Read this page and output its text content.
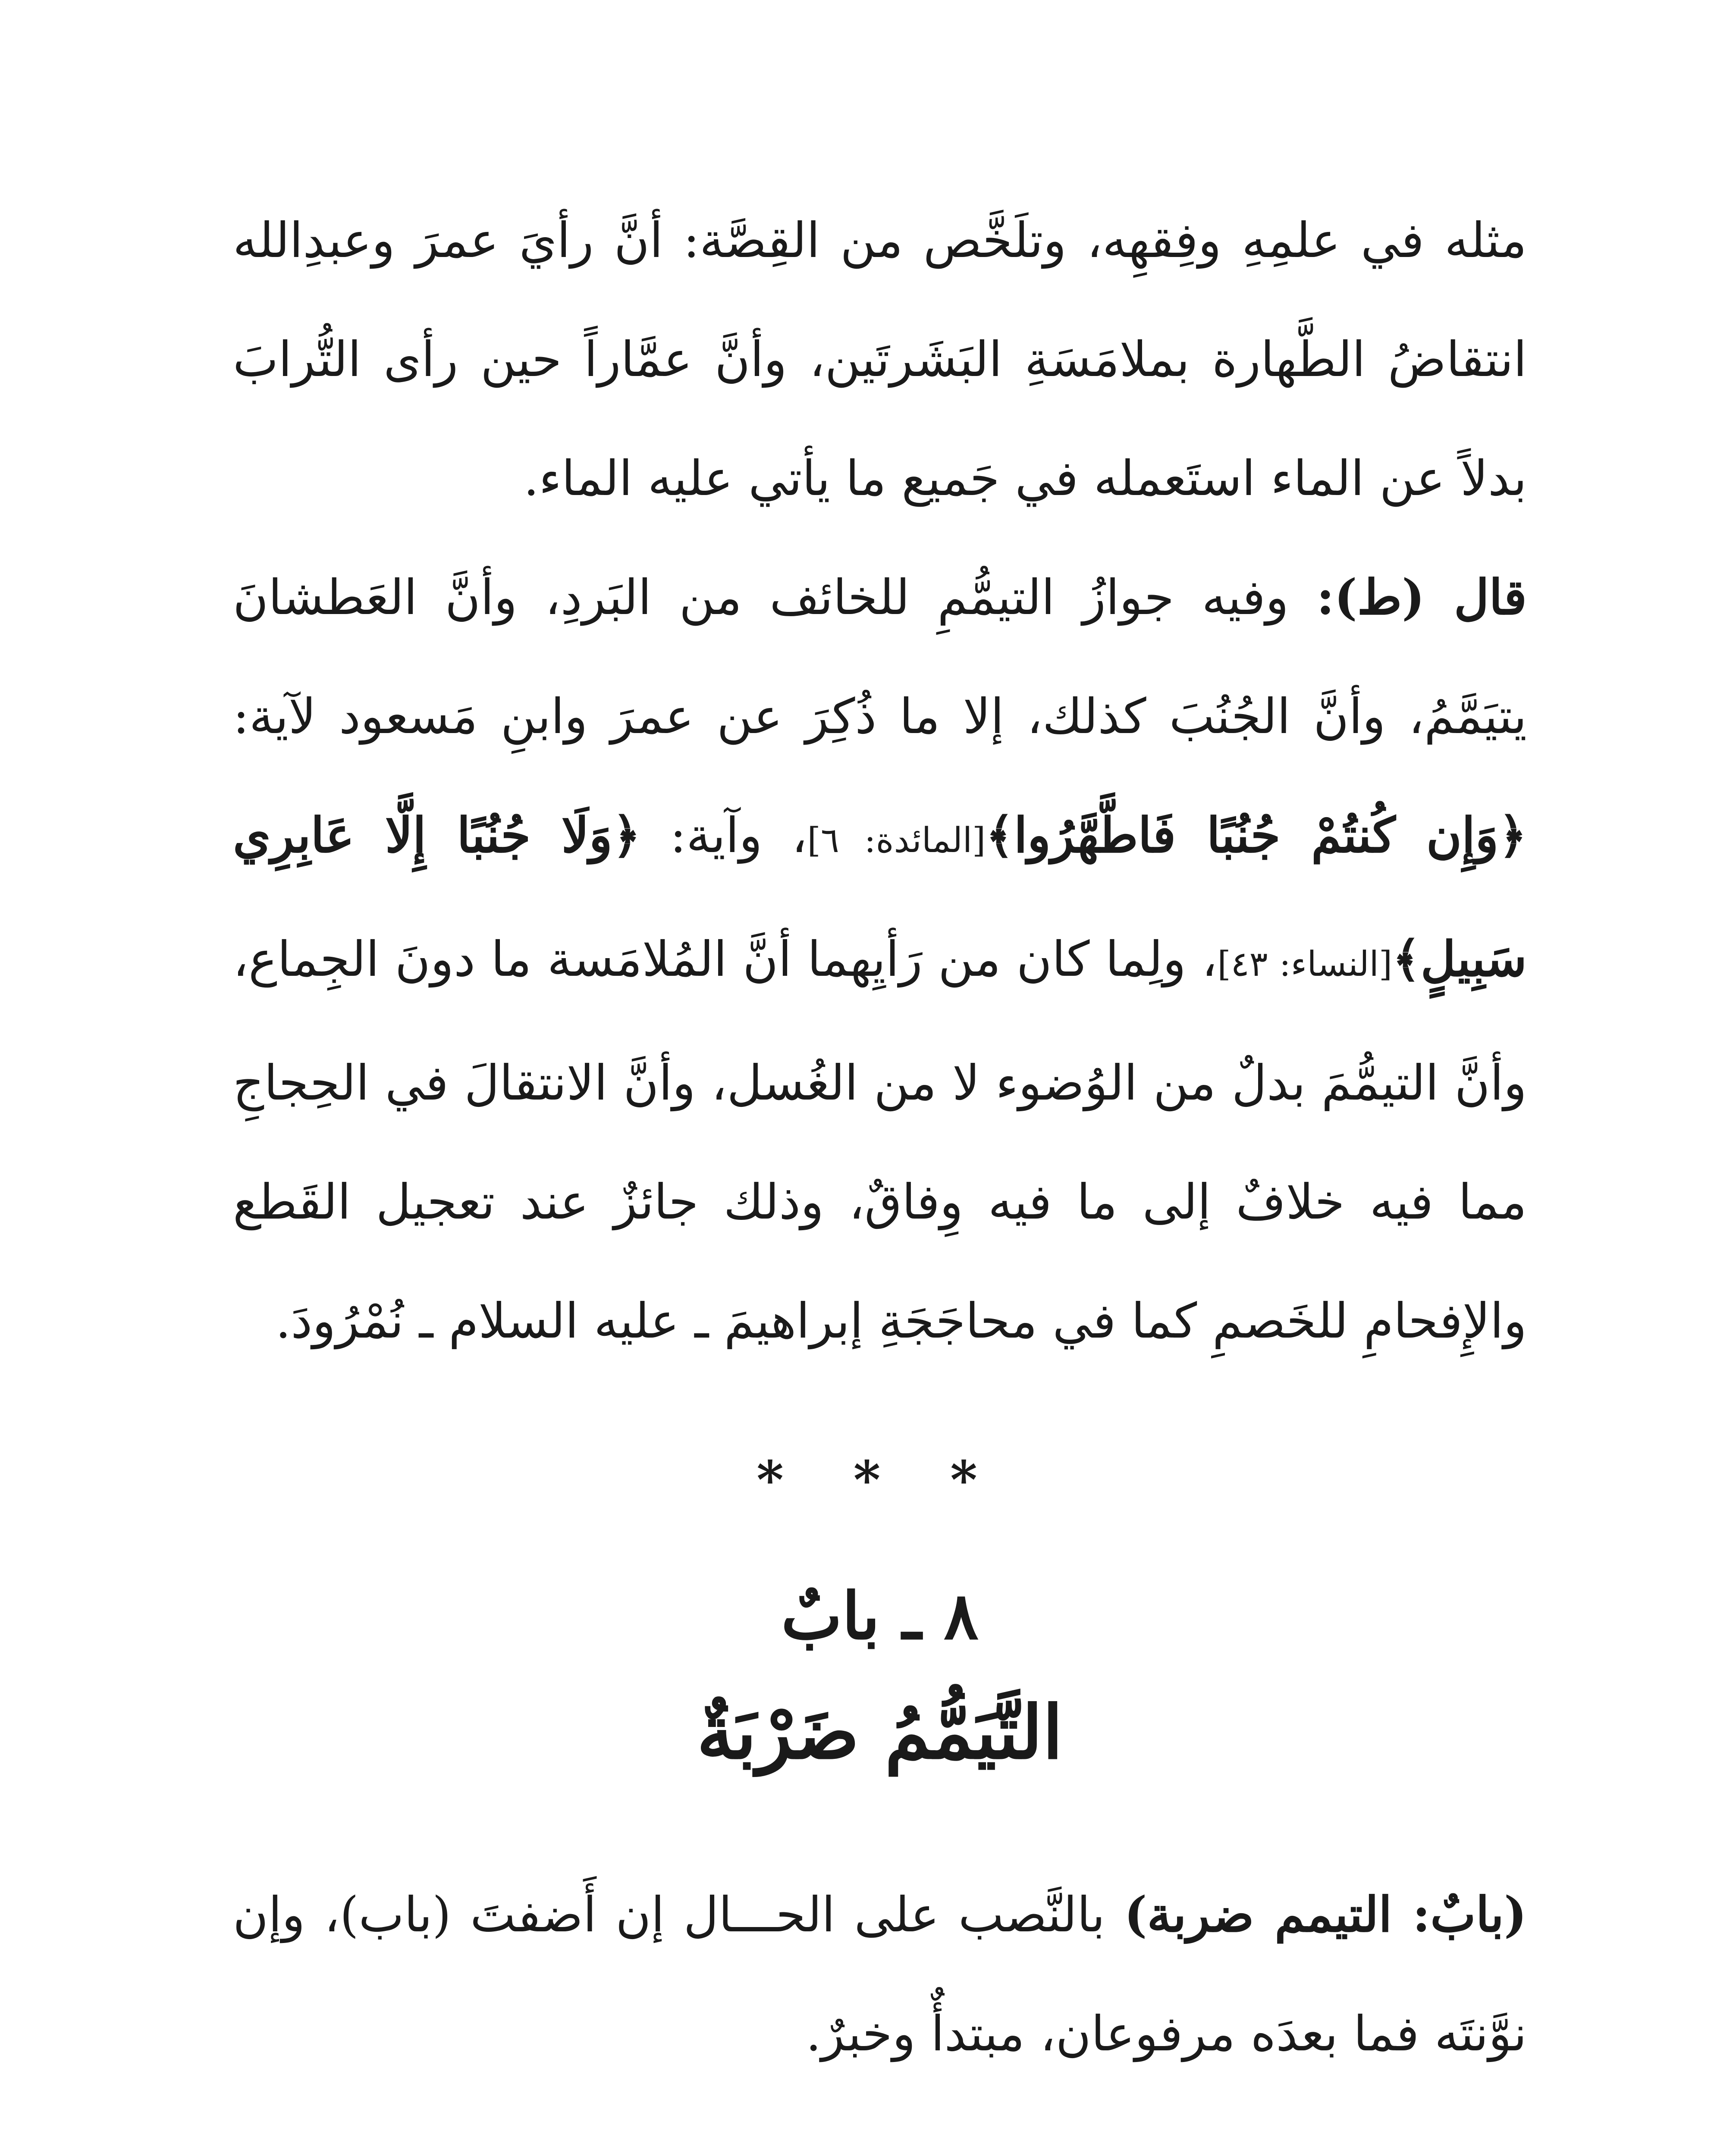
مثله في علمِهِ وفِقهِه، وتلَخَّص من القِصَّة: أنَّ رأيَ عمرَ وعبدِالله انتقاضُ الطَّهارة بملامَسَةِ البَشَرتَين، وأنَّ عمَّاراً حين رأى التُّرابَ بدلاً عن الماء استَعمله في جَميع ما يأتي عليه الماء.

قال (ط): وفيه جوازُ التيمُّمِ للخائف من البَردِ، وأنَّ العَطشانَ يتيَمَّمُ، وأنَّ الجُنُبَ كذلك، إلا ما ذُكِرَ عن عمرَ وابنِ مَسعود لآية: ﴿وَإِن كُنتُمْ جُنُبًا فَاطَّهَّرُوا﴾[المائدة: ٦]، وآية: ﴿وَلَا جُنُبًا إِلَّا عَابِرِي سَبِيلٍ﴾[النساء: ٤٣]، ولِما كان من رَأيِهما أنَّ المُلامَسة ما دونَ الجِماع، وأنَّ التيمُّمَ بدلٌ من الوُضوء لا من الغُسل، وأنَّ الانتقالَ في الحِجاجِ مما فيه خلافٌ إلى ما فيه وِفاقٌ، وذلك جائزٌ عند تعجيل القَطع والإِفحامِ للخَصمِ كما في محاجَجَةِ إبراهيمَ ـ عليه السلام ـ نُمْرُودَ.

* * *

٨ ـ بابٌ

التَّيَمُّمُ ضَرْبَةٌ

(بابٌ: التيمم ضربة) بالنَّصب على الحـــال إن أَضفتَ (باب)، وإن نوَّنتَه فما بعدَه مرفوعان، مبتدأٌ وخبرٌ.
